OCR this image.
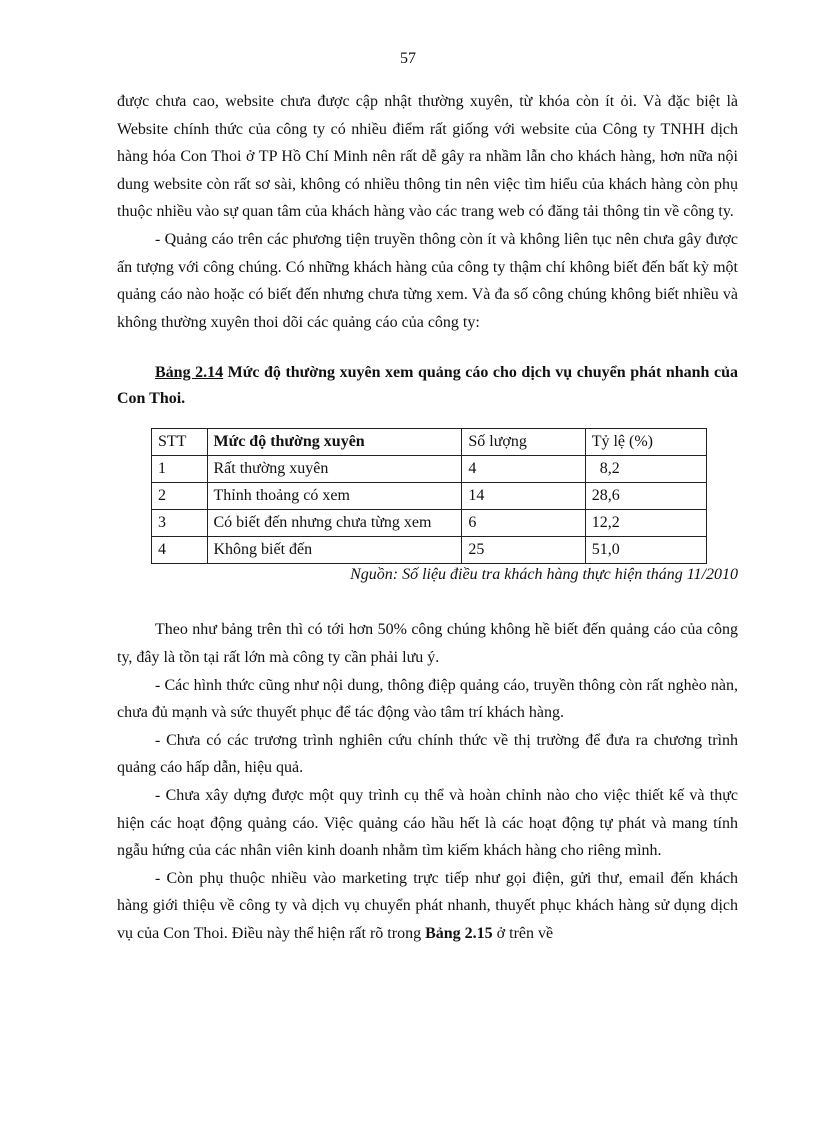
57

được chưa cao, website chưa được cập nhật thường xuyên, từ khóa còn ít ỏi. Và đặc biệt là Website chính thức của công ty có nhiều điểm rất giống với website của Công ty TNHH dịch hàng hóa Con Thoi ở TP Hồ Chí Minh nên rất dễ gây ra nhầm lẫn cho khách hàng, hơn nữa nội dung website còn rất sơ sài, không có nhiều thông tin nên việc tìm hiểu của khách hàng còn phụ thuộc nhiều vào sự quan tâm của khách hàng vào các trang web có đăng tải thông tin về công ty.

- Quảng cáo trên các phương tiện truyền thông còn ít và không liên tục nên chưa gây được ấn tượng với công chúng. Có những khách hàng của công ty thậm chí không biết đến bất kỳ một quảng cáo nào hoặc có biết đến nhưng chưa từng xem. Và đa số công chúng không biết nhiều và không thường xuyên thoi dõi các quảng cáo của công ty:

Bảng 2.14 Mức độ thường xuyên xem quảng cáo cho dịch vụ chuyển phát nhanh của Con Thoi.

STT	Mức độ thường xuyên	Số lượng	Tỷ lệ (%)
1	Rất thường xuyên	4	8,2
2	Thỉnh thoảng có xem	14	28,6
3	Có biết đến nhưng chưa từng xem	6	12,2
4	Không biết đến	25	51,0

Nguồn: Số liệu điều tra khách hàng thực hiện tháng 11/2010

Theo như bảng trên thì có tới hơn 50% công chúng không hề biết đến quảng cáo của công ty, đây là tồn tại rất lớn mà công ty cần phải lưu ý.

- Các hình thức cũng như nội dung, thông điệp quảng cáo, truyền thông còn rất nghèo nàn, chưa đủ mạnh và sức thuyết phục để tác động vào tâm trí khách hàng.

- Chưa có các trương trình nghiên cứu chính thức về thị trường để đưa ra chương trình quảng cáo hấp dẫn, hiệu quả.

- Chưa xây dựng được một quy trình cụ thể và hoàn chỉnh nào cho việc thiết kế và thực hiện các hoạt động quảng cáo. Việc quảng cáo hầu hết là các hoạt động tự phát và mang tính ngẫu hứng của các nhân viên kinh doanh nhằm tìm kiếm khách hàng cho riêng mình.

- Còn phụ thuộc nhiều vào marketing trực tiếp như gọi điện, gửi thư, email đến khách hàng giới thiệu về công ty và dịch vụ chuyển phát nhanh, thuyết phục khách hàng sử dụng dịch vụ của Con Thoi. Điều này thể hiện rất rõ trong Bảng 2.15 ở trên về
